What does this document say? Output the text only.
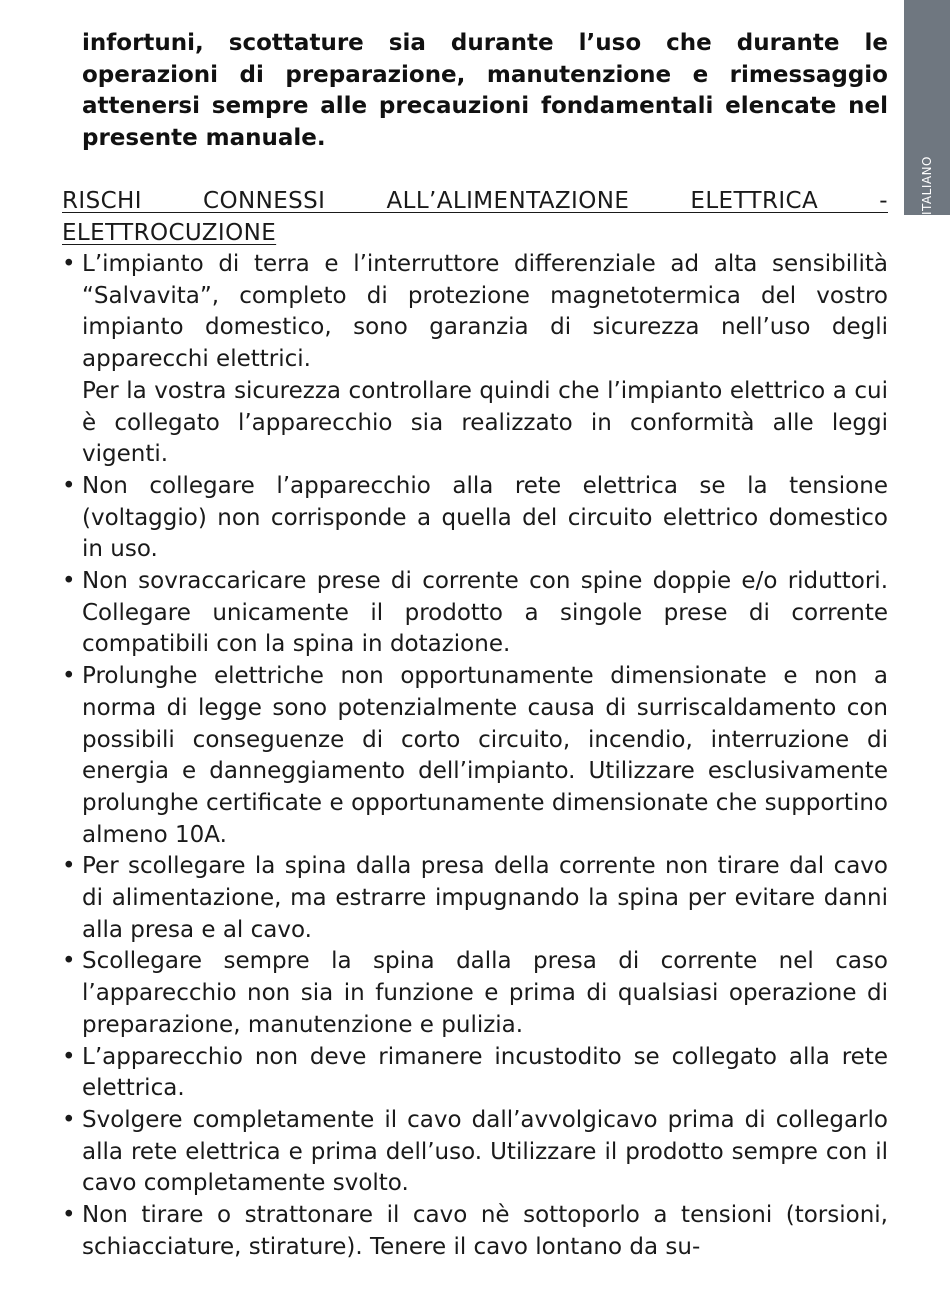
ITALIANO

infortuni, scottature sia durante l’uso che durante le operazioni di preparazione, manutenzione e rimessaggio attenersi sempre alle precauzioni fondamentali elencate nel presente manuale.

RISCHI CONNESSI ALL’ALIMENTAZIONE ELETTRICA - ELETTROCUZIONE
• L’impianto di terra e l’interruttore differenziale ad alta sensibilità “Salvavita”, completo di protezione magnetotermica del vostro impianto domestico, sono garanzia di sicurezza nell’uso degli apparecchi elettrici.
Per la vostra sicurezza controllare quindi che l’impianto elettrico a cui è collegato l’apparecchio sia realizzato in conformità alle leggi vigenti.
• Non collegare l’apparecchio alla rete elettrica se la tensione (voltaggio) non corrisponde a quella del circuito elettrico domestico in uso.
• Non sovraccaricare prese di corrente con spine doppie e/o riduttori. Collegare unicamente il prodotto a singole prese di corrente compatibili con la spina in dotazione.
• Prolunghe elettriche non opportunamente dimensionate e non a norma di legge sono potenzialmente causa di surriscaldamento con possibili conseguenze di corto circuito, incendio, interruzione di energia e danneggiamento dell’impianto. Utilizzare esclusivamente prolunghe certificate e opportunamente dimensionate che supportino almeno 10A.
• Per scollegare la spina dalla presa della corrente non tirare dal cavo di alimentazione, ma estrarre impugnando la spina per evitare danni alla presa e al cavo.
• Scollegare sempre la spina dalla presa di corrente nel caso l’apparecchio non sia in funzione e prima di qualsiasi operazione di preparazione, manutenzione e pulizia.
• L’apparecchio non deve rimanere incustodito se collegato alla rete elettrica.
• Svolgere completamente il cavo dall’avvolgicavo prima di collegarlo alla rete elettrica e prima dell’uso. Utilizzare il prodotto sempre con il cavo completamente svolto.
• Non tirare o strattonare il cavo nè sottoporlo a tensioni (torsioni, schiacciature, stirature). Tenere il cavo lontano da su-
